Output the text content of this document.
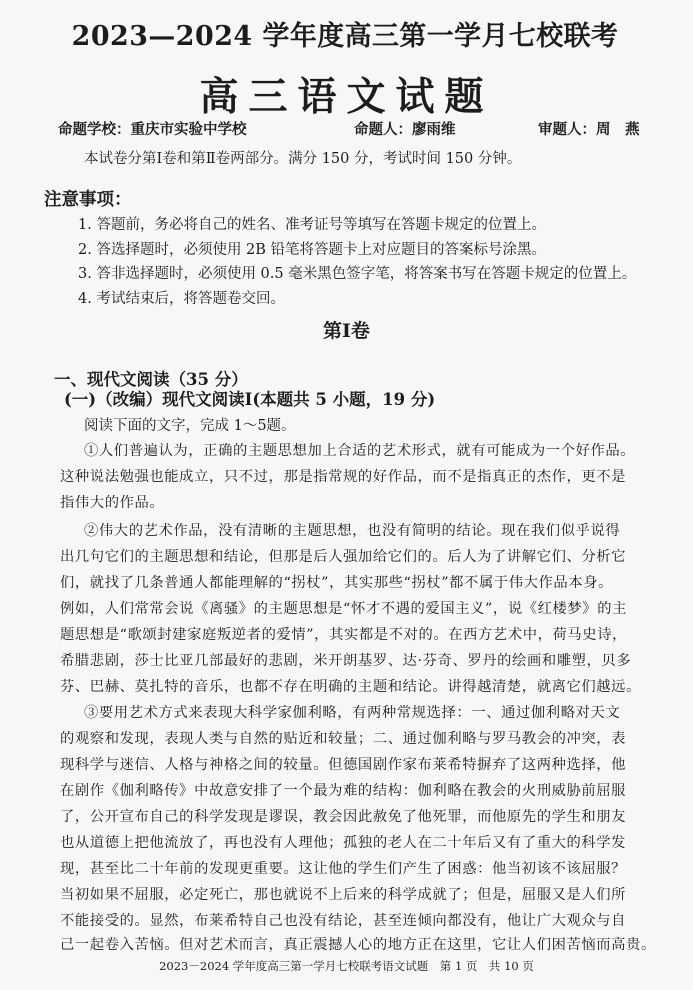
2023—2024 学年度高三第一学月七校联考
高三语文试题
命题学校：重庆市实验中学校	命题人：廖雨维	审题人：周　燕
本试卷分第Ⅰ卷和第Ⅱ卷两部分。满分 150 分，考试时间 150 分钟。
注意事项：
1. 答题前，务必将自己的姓名、准考证号等填写在答题卡规定的位置上。
2. 答选择题时，必须使用 2B 铅笔将答题卡上对应题目的答案标号涂黑。
3. 答非选择题时，必须使用 0.5 毫米黑色签字笔，将答案书写在答题卡规定的位置上。
4. 考试结束后，将答题卷交回。
第Ⅰ卷
一、现代文阅读（35 分）
(一)（改编）现代文阅读Ⅰ(本题共 5 小题，19 分)
阅读下面的文字，完成 1～5题。
①人们普遍认为，正确的主题思想加上合适的艺术形式，就有可能成为一个好作品。
这种说法勉强也能成立，只不过，那是指常规的好作品，而不是指真正的杰作，更不是
指伟大的作品。
②伟大的艺术作品，没有清晰的主题思想，也没有简明的结论。现在我们似乎说得
出几句它们的主题思想和结论，但那是后人强加给它们的。后人为了讲解它们、分析它
们，就找了几条普通人都能理解的“拐杖”，其实那些“拐杖”都不属于伟大作品本身。
例如，人们常常会说《离骚》的主题思想是“怀才不遇的爱国主义”，说《红楼梦》的主
题思想是“歌颂封建家庭叛逆者的爱情”，其实都是不对的。在西方艺术中，荷马史诗，
希腊悲剧，莎士比亚几部最好的悲剧，米开朗基罗、达·芬奇、罗丹的绘画和雕塑，贝多
芬、巴赫、莫扎特的音乐，也都不存在明确的主题和结论。讲得越清楚，就离它们越远。
③要用艺术方式来表现大科学家伽利略，有两种常规选择：一、通过伽利略对天文
的观察和发现，表现人类与自然的贴近和较量；二、通过伽利略与罗马教会的冲突，表
现科学与迷信、人格与神格之间的较量。但德国剧作家布莱希特摒弃了这两种选择，他
在剧作《伽利略传》中故意安排了一个最为难的结构：伽利略在教会的火刑威胁前屈服
了，公开宣布自己的科学发现是谬误，教会因此赦免了他死罪，而他原先的学生和朋友
也从道德上把他流放了，再也没有人理他；孤独的老人在二十年后又有了重大的科学发
现，甚至比二十年前的发现更重要。这让他的学生们产生了困惑：他当初该不该屈服？
当初如果不屈服，必定死亡，那也就说不上后来的科学成就了；但是，屈服又是人们所
不能接受的。显然，布莱希特自己也没有结论，甚至连倾向都没有，他让广大观众与自
己一起卷入苦恼。但对艺术而言，真正震撼人心的地方正在这里，它让人们困苦恼而高贵。
2023－2024 学年度高三第一学月七校联考语文试题　第 1 页　共 10 页
